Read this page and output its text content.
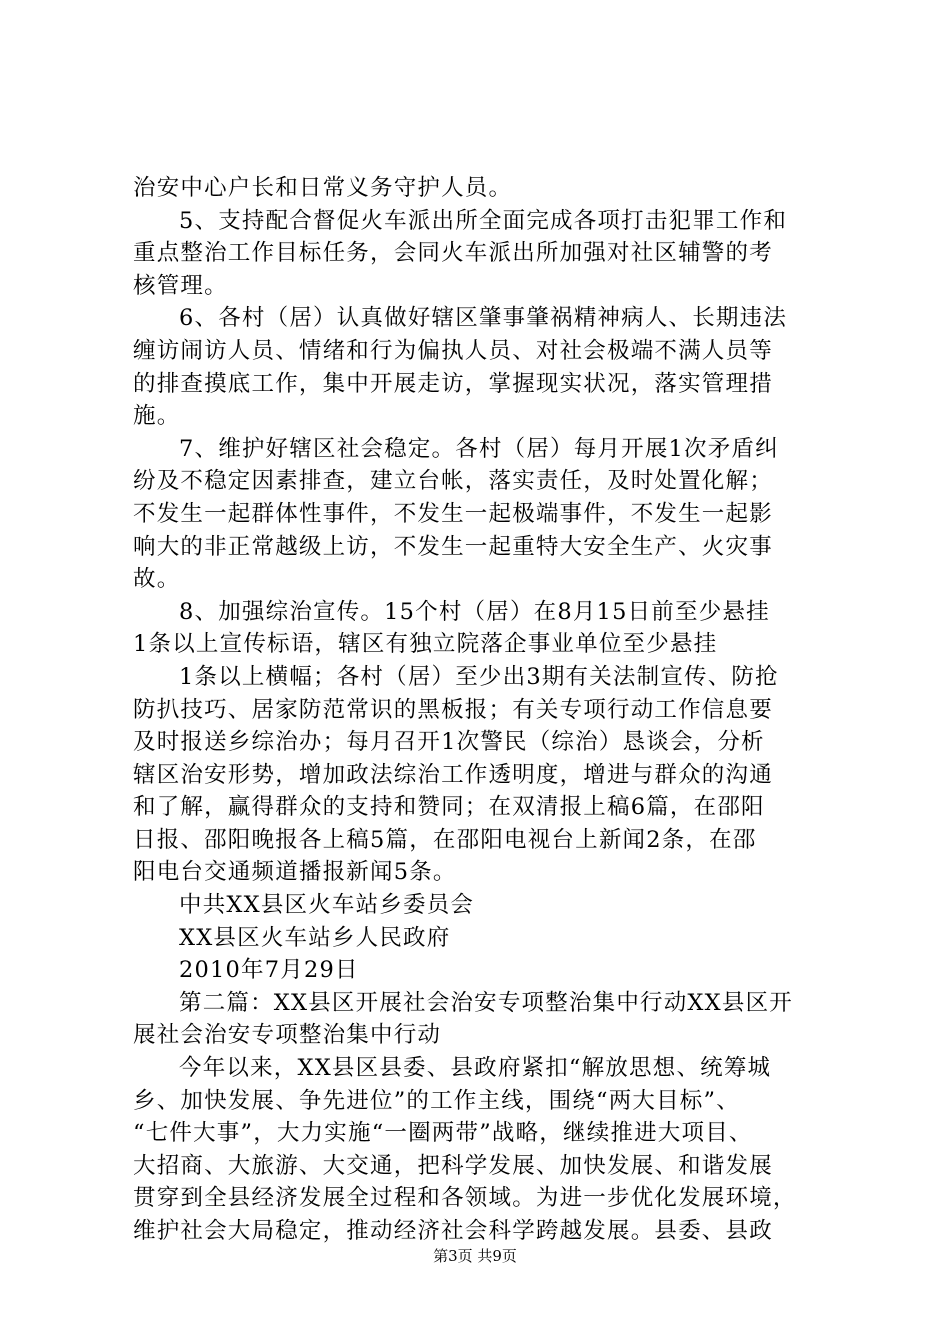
治安中心户长和日常义务守护人员。
5、支持配合督促火车派出所全面完成各项打击犯罪工作和
重点整治工作目标任务，会同火车派出所加强对社区辅警的考
核管理。
6、各村（居）认真做好辖区肇事肇祸精神病人、长期违法
缠访闹访人员、情绪和行为偏执人员、对社会极端不满人员等
的排查摸底工作，集中开展走访，掌握现实状况，落实管理措
施。
7、维护好辖区社会稳定。各村（居）每月开展1次矛盾纠
纷及不稳定因素排查，建立台帐，落实责任，及时处置化解；
不发生一起群体性事件，不发生一起极端事件，不发生一起影
响大的非正常越级上访，不发生一起重特大安全生产、火灾事
故。
8、加强综治宣传。15个村（居）在8月15日前至少悬挂
1条以上宣传标语，辖区有独立院落企事业单位至少悬挂
1条以上横幅；各村（居）至少出3期有关法制宣传、防抢
防扒技巧、居家防范常识的黑板报；有关专项行动工作信息要
及时报送乡综治办；每月召开1次警民（综治）恳谈会，分析
辖区治安形势，增加政法综治工作透明度，增进与群众的沟通
和了解，赢得群众的支持和赞同；在双清报上稿6篇，在邵阳
日报、邵阳晚报各上稿5篇，在邵阳电视台上新闻2条，在邵
阳电台交通频道播报新闻5条。
中共XX县区火车站乡委员会
XX县区火车站乡人民政府
2010年7月29日
第二篇：XX县区开展社会治安专项整治集中行动XX县区开
展社会治安专项整治集中行动
今年以来，XX县区县委、县政府紧扣“解放思想、统筹城
乡、加快发展、争先进位”的工作主线，围绕“两大目标”、
“七件大事”，大力实施“一圈两带”战略，继续推进大项目、
大招商、大旅游、大交通，把科学发展、加快发展、和谐发展
贯穿到全县经济发展全过程和各领域。为进一步优化发展环境，
维护社会大局稳定，推动经济社会科学跨越发展。县委、县政
第3页 共9页
